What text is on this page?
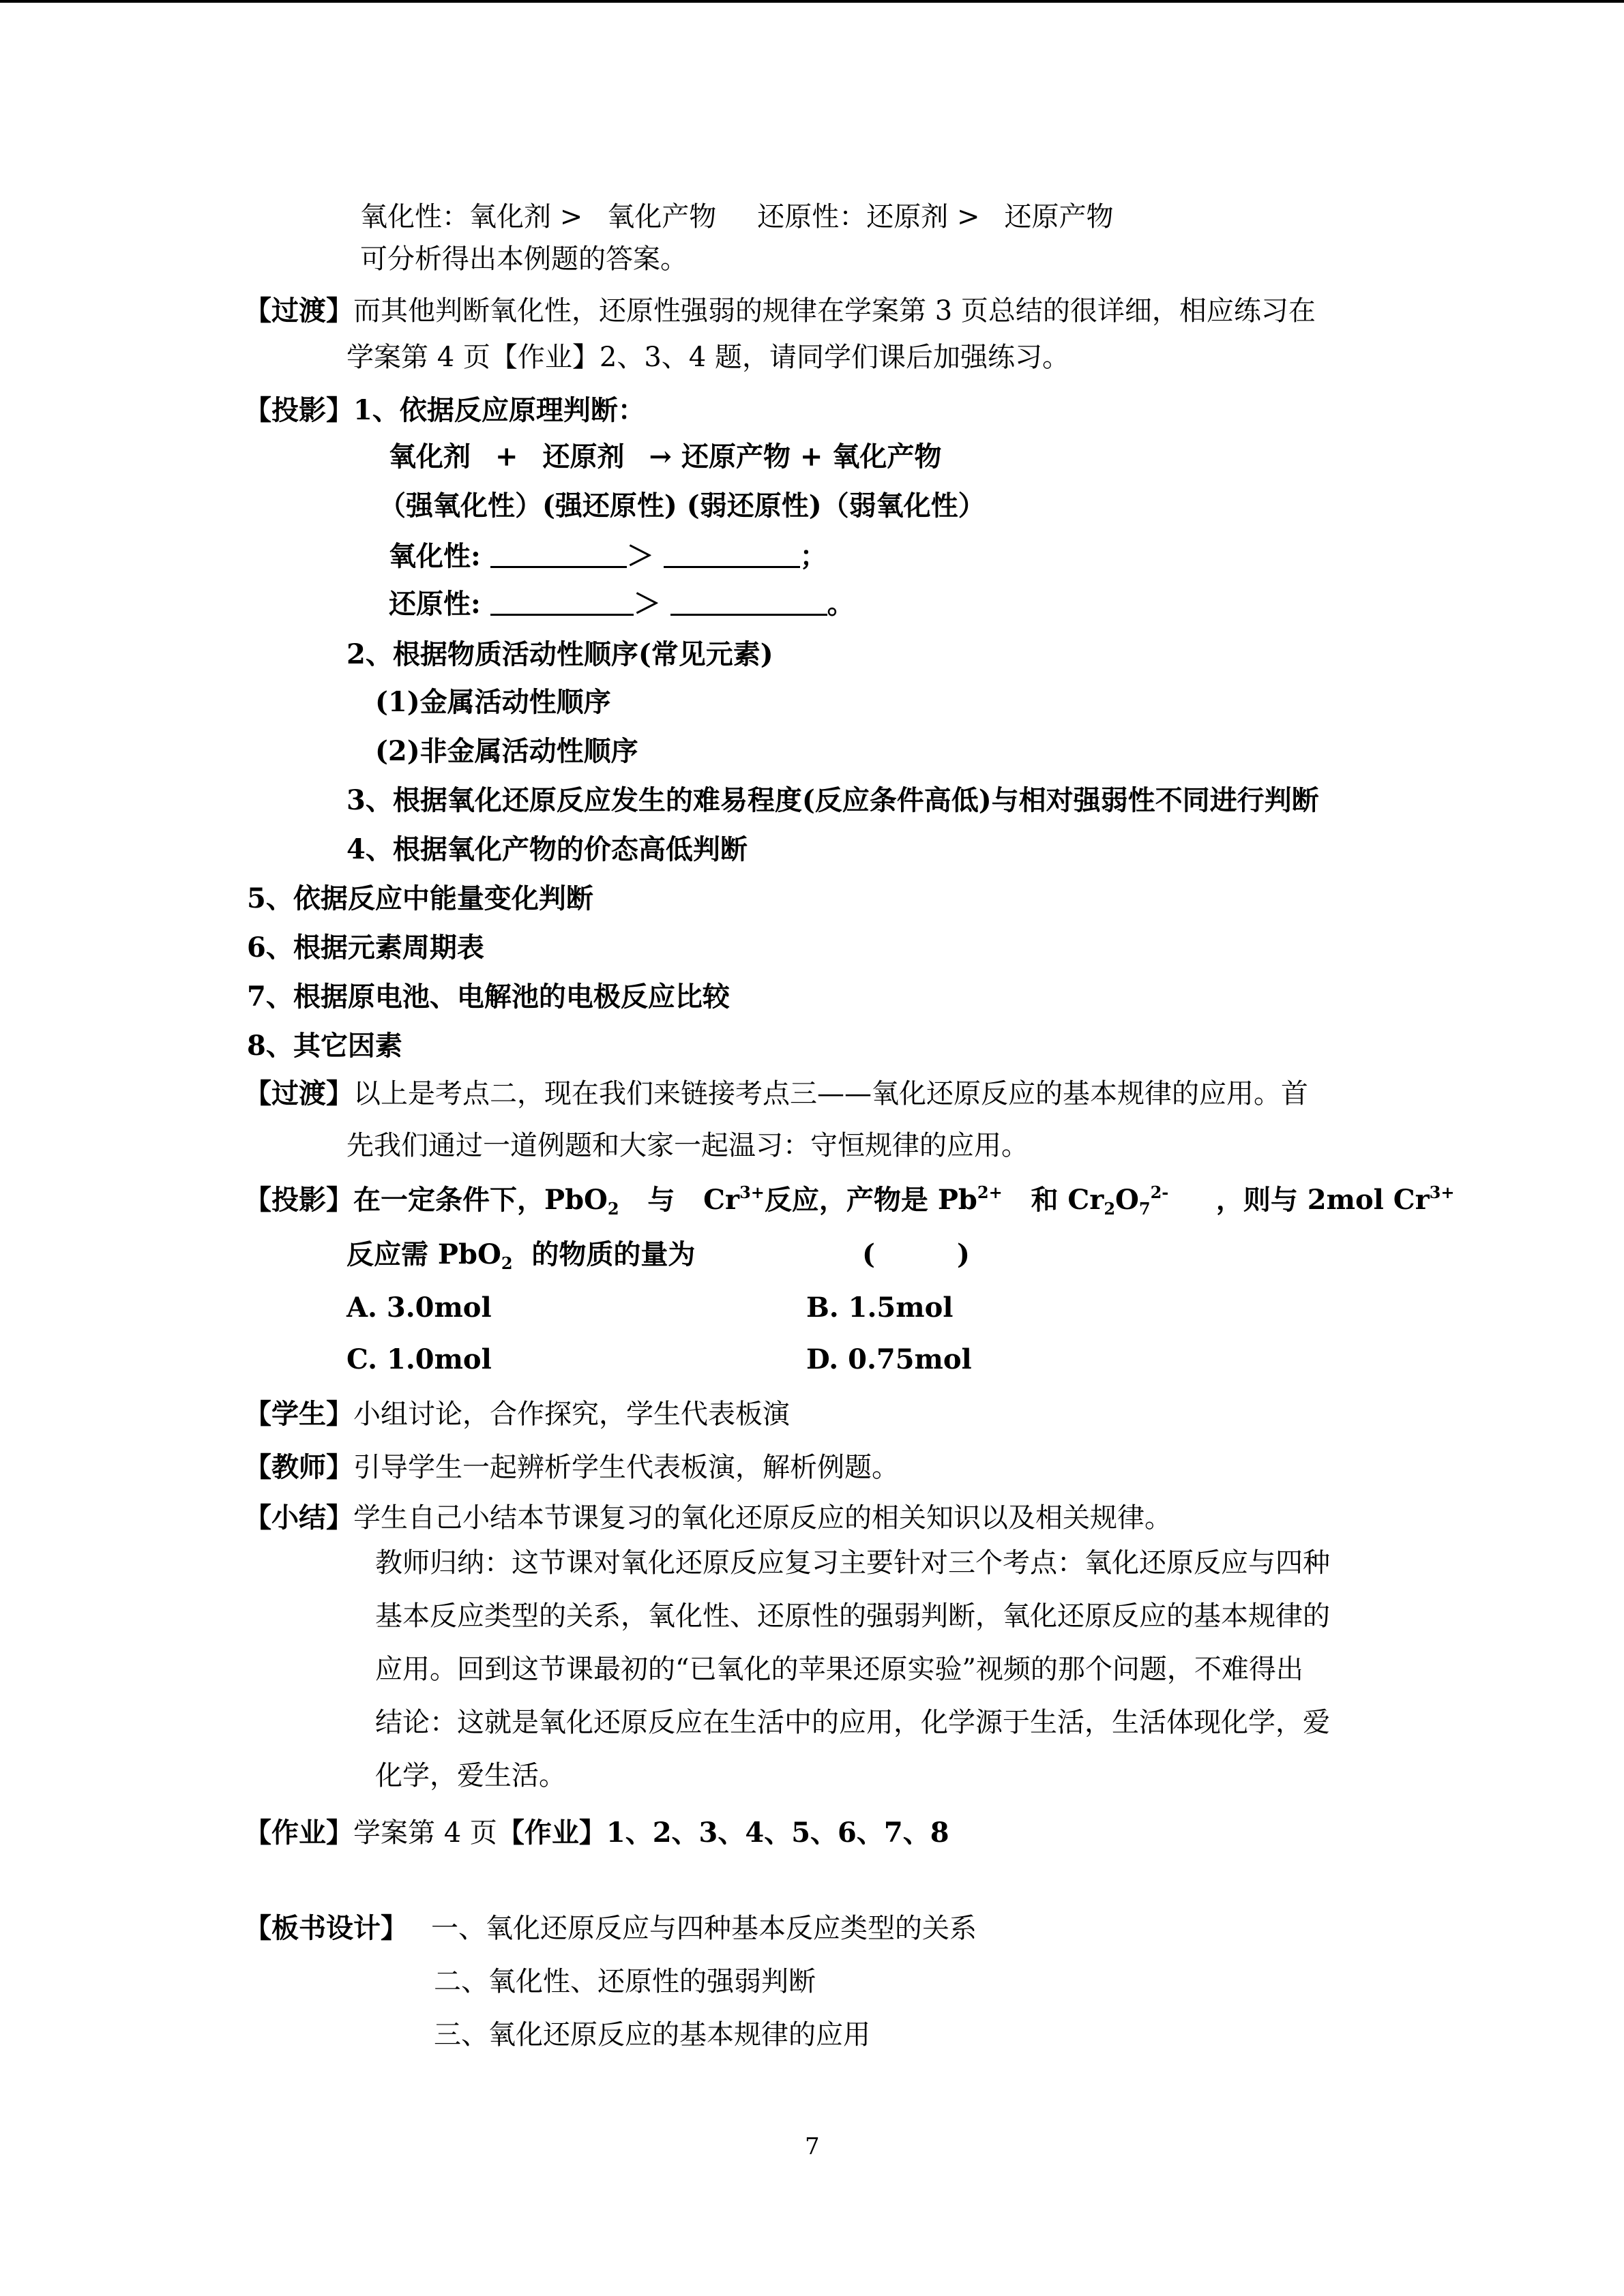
氧化性：氧化剂 > 氧化产物 还原性：还原剂 > 还原产物
可分析得出本例题的答案。
【过渡】而其他判断氧化性，还原性强弱的规律在学案第 3 页总结的很详细，相应练习在
学案第 4 页【作业】2、3、4 题，请同学们课后加强练习。
【投影】1、依据反应原理判断：
氧化剂 + 还原剂 → 还原产物 + 氧化产物
（强氧化性）(强还原性) (弱还原性)（弱氧化性）
氧化性:	＞	；
还原性:	＞	。
2、根据物质活动性顺序(常见元素)
(1)金属活动性顺序
(2)非金属活动性顺序
3、根据氧化还原反应发生的难易程度(反应条件高低)与相对强弱性不同进行判断
4、根据氧化产物的价态高低判断
5、依据反应中能量变化判断
6、根据元素周期表
7、根据原电池、电解池的电极反应比较
8、其它因素
【过渡】以上是考点二，现在我们来链接考点三——氧化还原反应的基本规律的应用。首
先我们通过一道例题和大家一起温习：守恒规律的应用。
【投影】在一定条件下，PbO$_2$ 与 $Cr^{3+}$反应，产物是 $Pb^{2+}$ 和 $Cr_2O_7^{2-}$ ，则与 2mol $Cr^{3+}$
反应需 PbO$_2$ 的物质的量为	(	)
A. 3.0mol	B. 1.5mol
C. 1.0mol	D. 0.75mol
【学生】小组讨论，合作探究，学生代表板演
【教师】引导学生一起辨析学生代表板演，解析例题。
【小结】学生自己小结本节课复习的氧化还原反应的相关知识以及相关规律。
教师归纳：这节课对氧化还原反应复习主要针对三个考点：氧化还原反应与四种
基本反应类型的关系，氧化性、还原性的强弱判断，氧化还原反应的基本规律的
应用。回到这节课最初的“已氧化的苹果还原实验”视频的那个问题，不难得出
结论：这就是氧化还原反应在生活中的应用，化学源于生活，生活体现化学，爱
化学，爱生活。
【作业】学案第 4 页【作业】1、2、3、4、5、6、7、8
【板书设计】 一、氧化还原反应与四种基本反应类型的关系
二、氧化性、还原性的强弱判断
三、氧化还原反应的基本规律的应用
7
